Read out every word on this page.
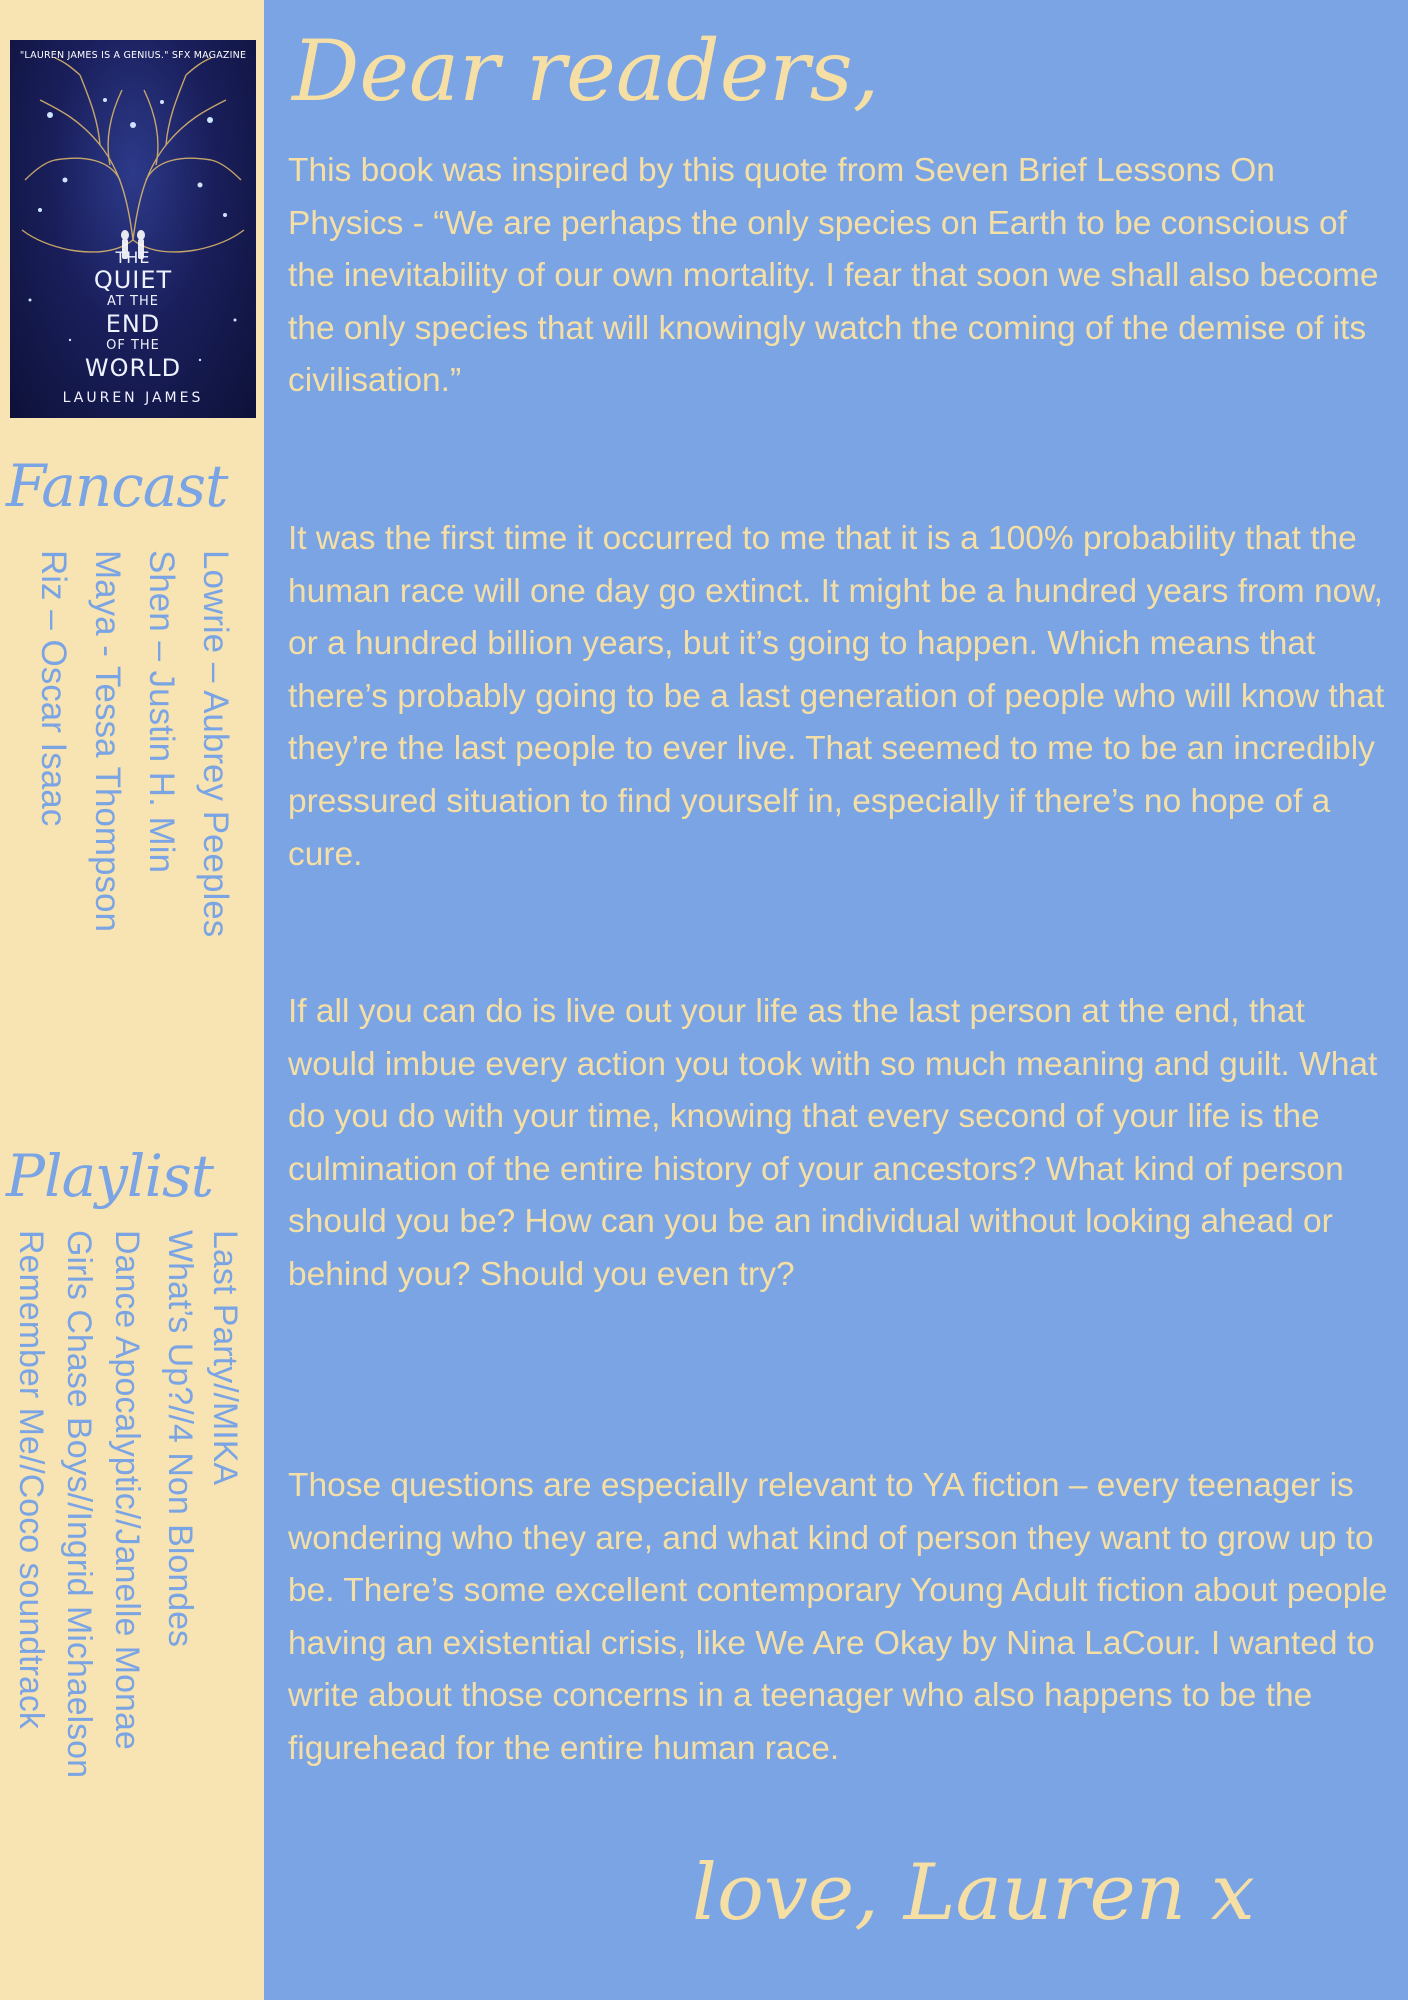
"LAUREN JAMES IS A GENIUS." SFX MAGAZINE
THE
QUIET
AT THE
END
OF THE
WORLD
LAUREN JAMES
Fancast
Lowrie – Aubrey Peeples
Shen – Justin H. Min
Maya - Tessa Thompson
Riz – Oscar Isaac
Playlist
Last Party//MIKA
What’s Up?//4 Non Blondes
Dance Apocalyptic//Janelle Monae
Girls Chase Boys//Ingrid Michaelson
Remember Me//Coco soundtrack
Dear readers,

This book was inspired by this quote from Seven Brief Lessons On Physics - “We are perhaps the only species on Earth to be conscious of the inevitability of our own mortality. I fear that soon we shall also become the only species that will knowingly watch the coming of the demise of its civilisation.”

It was the first time it occurred to me that it is a 100% probability that the human race will one day go extinct. It might be a hundred years from now, or a hundred billion years, but it’s going to happen. Which means that there’s probably going to be a last generation of people who will know that they’re the last people to ever live. That seemed to me to be an incredibly pressured situation to find yourself in, especially if there’s no hope of a cure.

If all you can do is live out your life as the last person at the end, that would imbue every action you took with so much meaning and guilt. What do you do with your time, knowing that every second of your life is the culmination of the entire history of your ancestors? What kind of person should you be? How can you be an individual without looking ahead or behind you? Should you even try?

Those questions are especially relevant to YA fiction – every teenager is wondering who they are, and what kind of person they want to grow up to be. There’s some excellent contemporary Young Adult fiction about people having an existential crisis, like We Are Okay by Nina LaCour. I wanted to write about those concerns in a teenager who also happens to be the figurehead for the entire human race.

love, Lauren x
